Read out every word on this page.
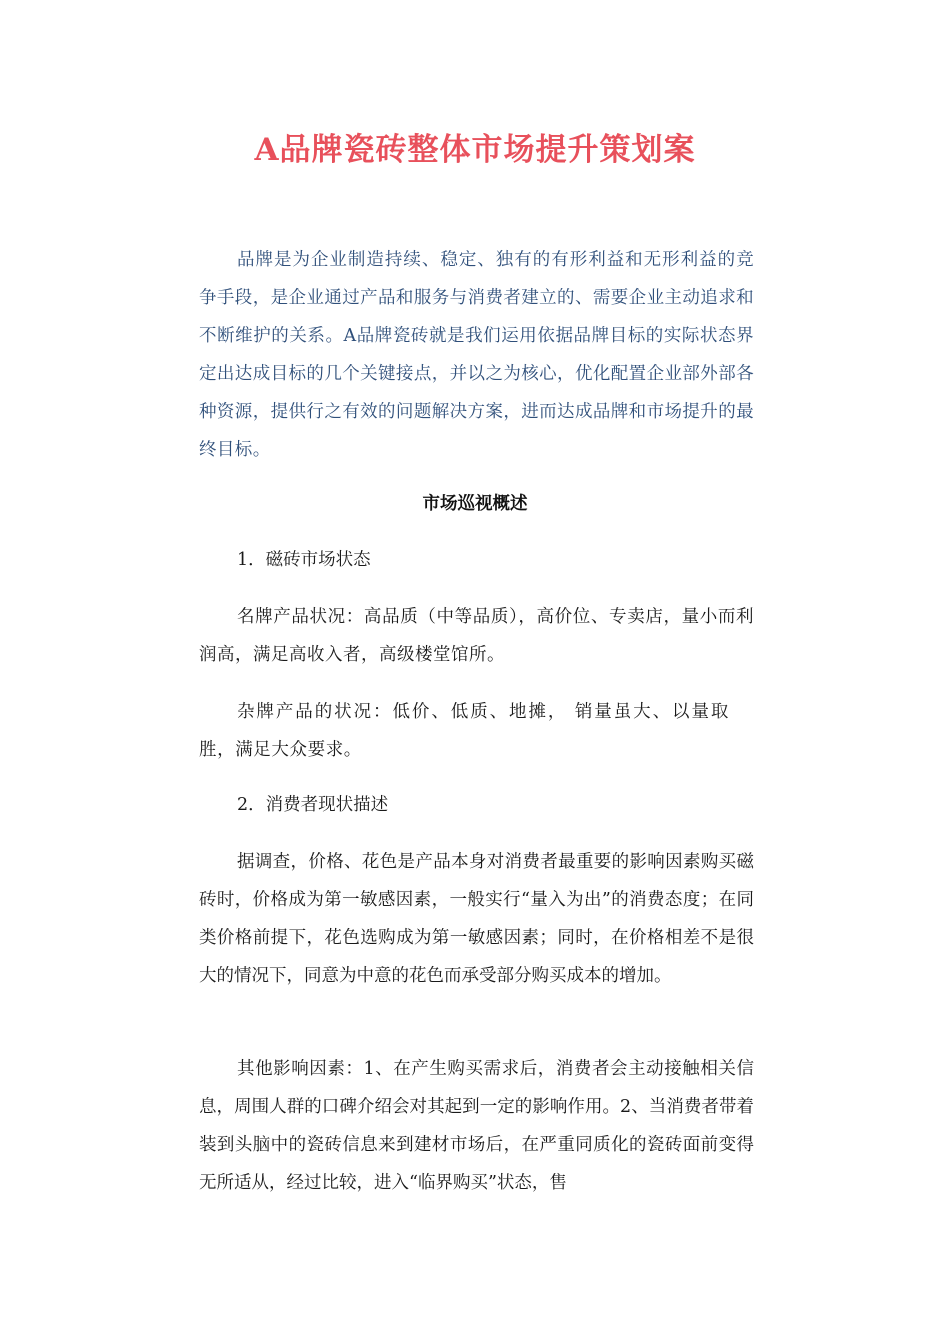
A品牌瓷砖整体市场提升策划案

品牌是为企业制造持续、稳定、独有的有形利益和无形利益的竞争手段，是企业通过产品和服务与消费者建立的、需要企业主动追求和不断维护的关系。A品牌瓷砖就是我们运用依据品牌目标的实际状态界定出达成目标的几个关键接点，并以之为核心，优化配置企业部外部各种资源，提供行之有效的问题解决方案，进而达成品牌和市场提升的最终目标。

市场巡视概述

1．磁砖市场状态

名牌产品状况：高品质（中等品质），高价位、专卖店，量小而利润高，满足高收入者，高级楼堂馆所。

杂牌产品的状况：低价、低质、地摊， 销量虽大、以量取胜，满足大众要求。

2．消费者现状描述

据调查，价格、花色是产品本身对消费者最重要的影响因素购买磁砖时，价格成为第一敏感因素，一般实行“量入为出”的消费态度；在同类价格前提下，花色选购成为第一敏感因素；同时，在价格相差不是很大的情况下，同意为中意的花色而承受部分购买成本的增加。

其他影响因素：1、在产生购买需求后，消费者会主动接触相关信息，周围人群的口碑介绍会对其起到一定的影响作用。2、当消费者带着装到头脑中的瓷砖信息来到建材市场后，在严重同质化的瓷砖面前变得无所适从，经过比较，进入“临界购买”状态，售
